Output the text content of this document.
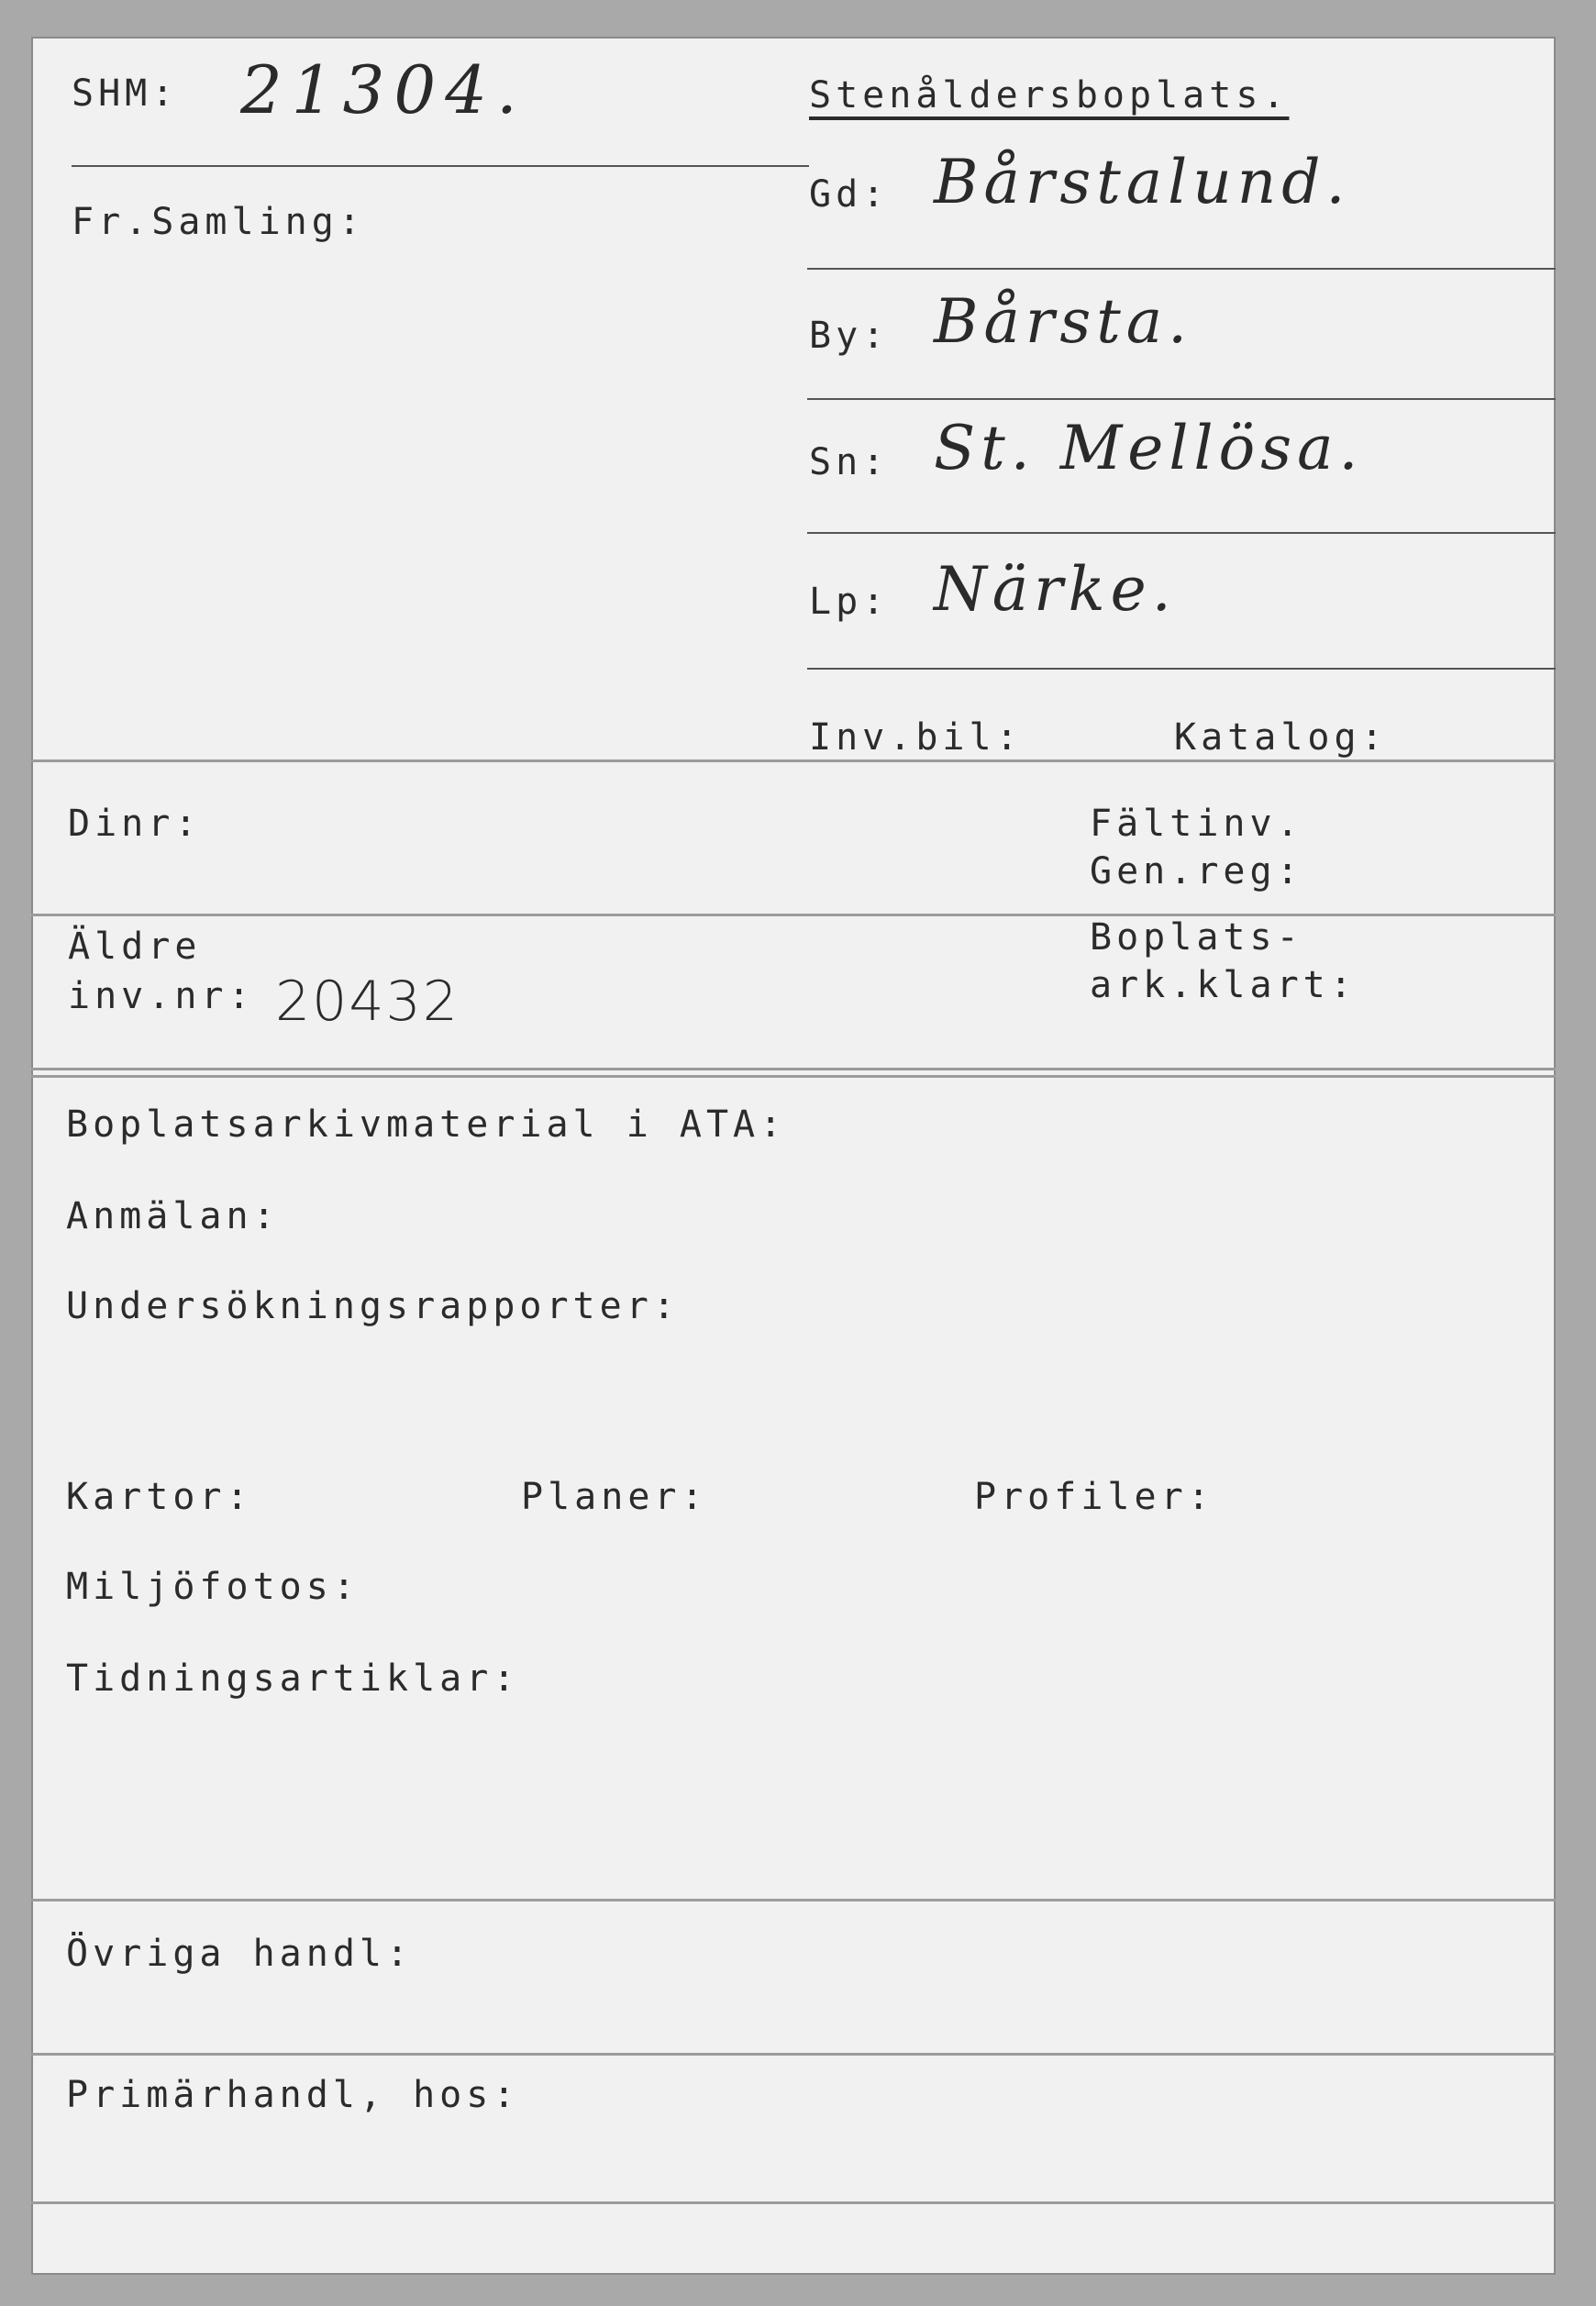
SHM: 21304.	Stenåldersboplats.
Fr.Samling:
Gd: Bårstalund.
By: Bårsta.
Sn: St. Mellösa.
Lp: Närke.
Inv.bil:	Katalog:
Dinr:	Fältinv.
Gen.reg:
Äldre
inv.nr: 20432
Boplats-
ark.klart:
Boplatsarkivmaterial i ATA:
Anmälan:
Undersökningsrapporter:
Kartor:	Planer:	Profiler:
Miljöfotos:
Tidningsartiklar:
Övriga handl:
Primärhandl, hos:
